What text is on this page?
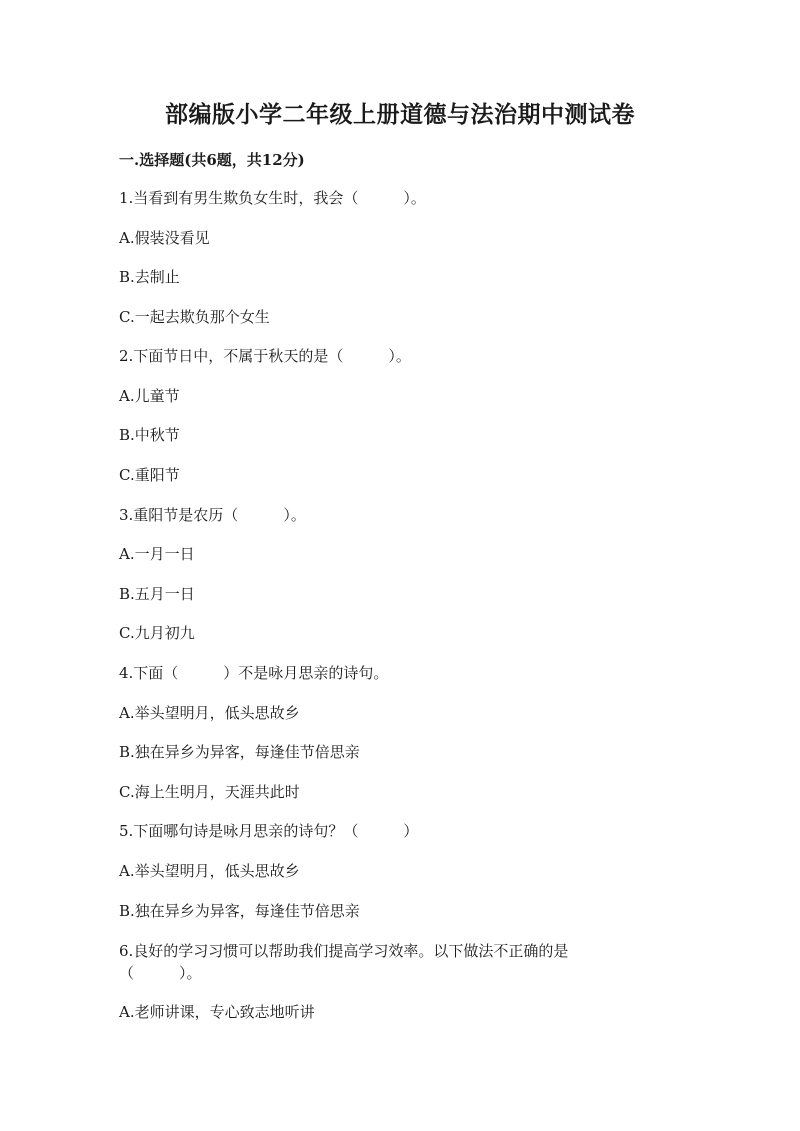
部编版小学二年级上册道德与法治期中测试卷
一.选择题(共6题，共12分)
1.当看到有男生欺负女生时，我会（　　　）。
A.假装没看见
B.去制止
C.一起去欺负那个女生
2.下面节日中，不属于秋天的是（　　　）。
A.儿童节
B.中秋节
C.重阳节
3.重阳节是农历（　　　）。
A.一月一日
B.五月一日
C.九月初九
4.下面（　　　）不是咏月思亲的诗句。
A.举头望明月，低头思故乡
B.独在异乡为异客，每逢佳节倍思亲
C.海上生明月，天涯共此时
5.下面哪句诗是咏月思亲的诗句？（　　　）
A.举头望明月，低头思故乡
B.独在异乡为异客，每逢佳节倍思亲
6.良好的学习习惯可以帮助我们提高学习效率。以下做法不正确的是
（　　　）。
A.老师讲课，专心致志地听讲
